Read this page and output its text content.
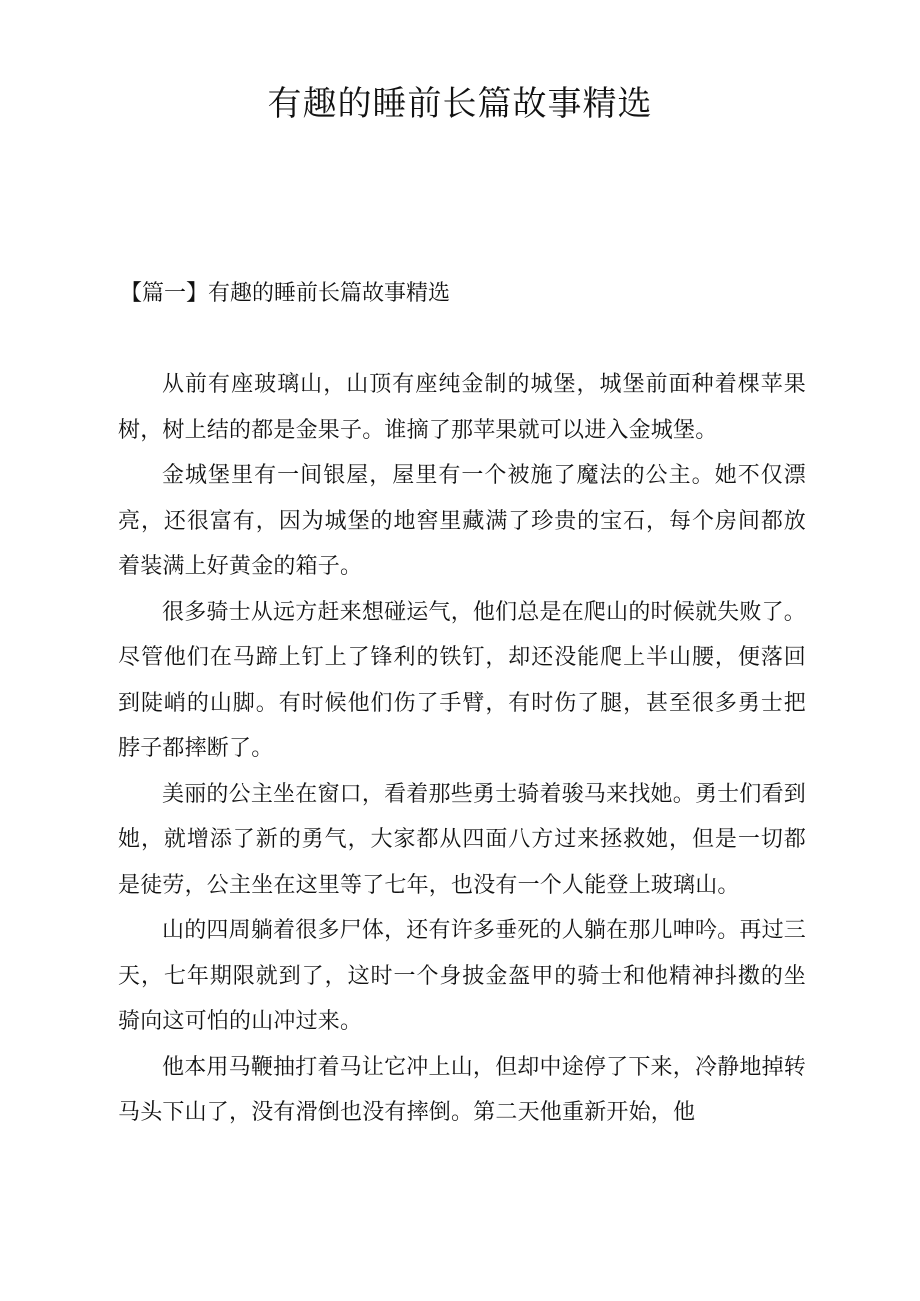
有趣的睡前长篇故事精选
【篇一】有趣的睡前长篇故事精选

从前有座玻璃山，山顶有座纯金制的城堡，城堡前面种着棵苹果树，树上结的都是金果子。谁摘了那苹果就可以进入金城堡。

金城堡里有一间银屋，屋里有一个被施了魔法的公主。她不仅漂亮，还很富有，因为城堡的地窖里藏满了珍贵的宝石，每个房间都放着装满上好黄金的箱子。

很多骑士从远方赶来想碰运气，他们总是在爬山的时候就失败了。尽管他们在马蹄上钉上了锋利的铁钉，却还没能爬上半山腰，便落回到陡峭的山脚。有时候他们伤了手臂，有时伤了腿，甚至很多勇士把脖子都摔断了。

美丽的公主坐在窗口，看着那些勇士骑着骏马来找她。勇士们看到她，就增添了新的勇气，大家都从四面八方过来拯救她，但是一切都是徒劳，公主坐在这里等了七年，也没有一个人能登上玻璃山。

山的四周躺着很多尸体，还有许多垂死的人躺在那儿呻吟。再过三天，七年期限就到了，这时一个身披金盔甲的骑士和他精神抖擞的坐骑向这可怕的山冲过来。

他本用马鞭抽打着马让它冲上山，但却中途停了下来，冷静地掉转马头下山了，没有滑倒也没有摔倒。第二天他重新开始，他
